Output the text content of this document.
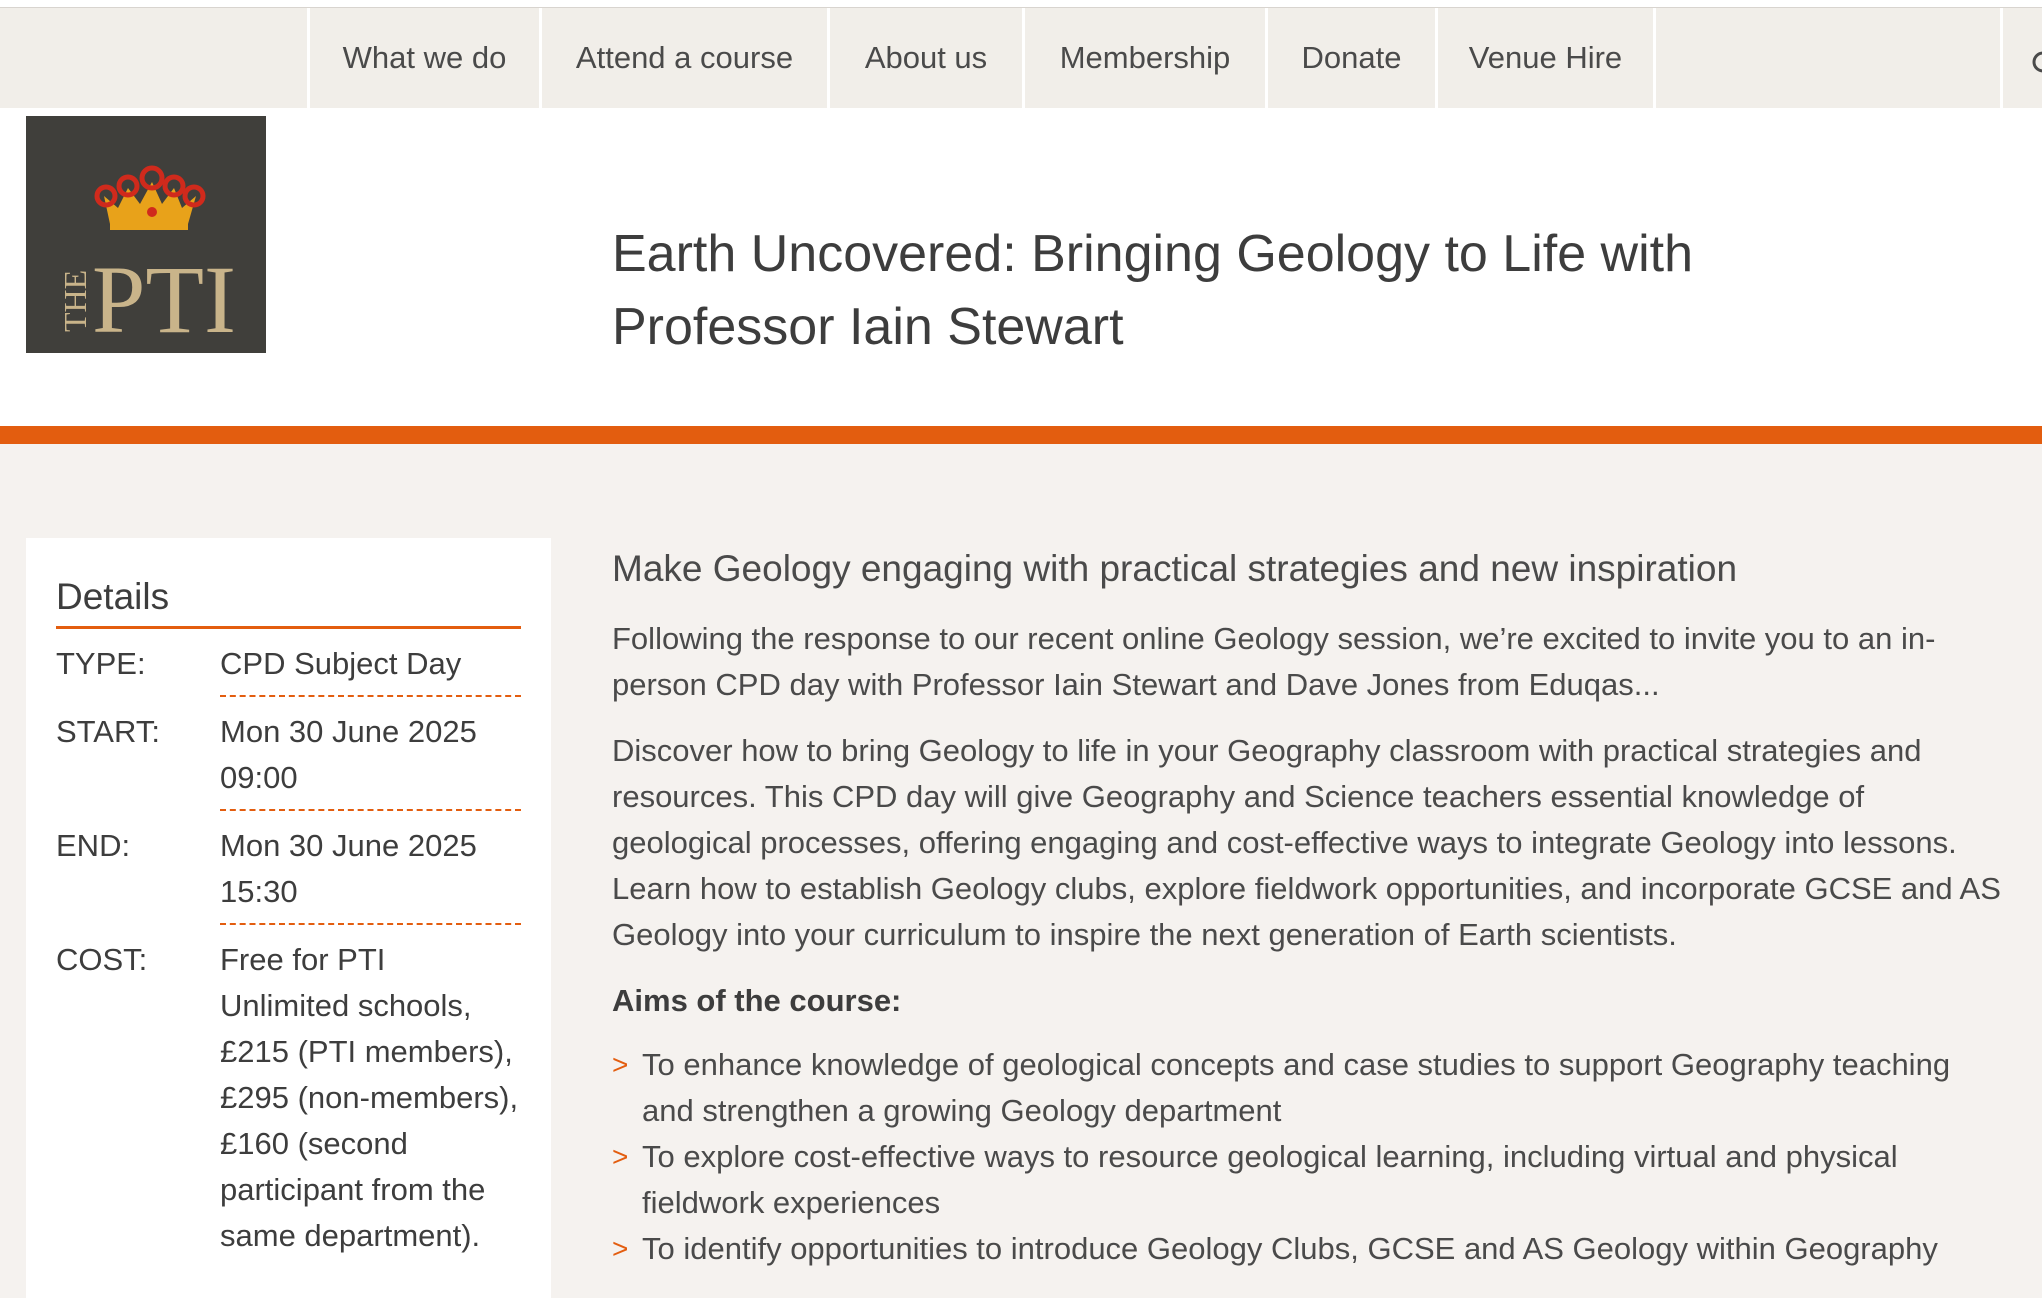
What we do	Attend a course	About us	Membership	Donate	Venue Hire
THE PTI	Earth Uncovered: Bringing Geology to Life with
Professor Iain Stewart
Details
TYPE:	CPD Subject Day
START:	Mon 30 June 2025
09:00
END:	Mon 30 June 2025
15:30
COST:	Free for PTI
Unlimited schools,
£215 (PTI members),
£295 (non-members),
£160 (second
participant from the
same department).
Make Geology engaging with practical strategies and new inspiration

Following the response to our recent online Geology session, we’re excited to invite you to an in-person CPD day with Professor Iain Stewart and Dave Jones from Eduqas...

Discover how to bring Geology to life in your Geography classroom with practical strategies and resources. This CPD day will give Geography and Science teachers essential knowledge of geological processes, offering engaging and cost-effective ways to integrate Geology into lessons. Learn how to establish Geology clubs, explore fieldwork opportunities, and incorporate GCSE and AS Geology into your curriculum to inspire the next generation of Earth scientists.

Aims of the course:

> To enhance knowledge of geological concepts and case studies to support Geography teaching and strengthen a growing Geology department
> To explore cost-effective ways to resource geological learning, including virtual and physical fieldwork experiences
> To identify opportunities to introduce Geology Clubs, GCSE and AS Geology within Geography
